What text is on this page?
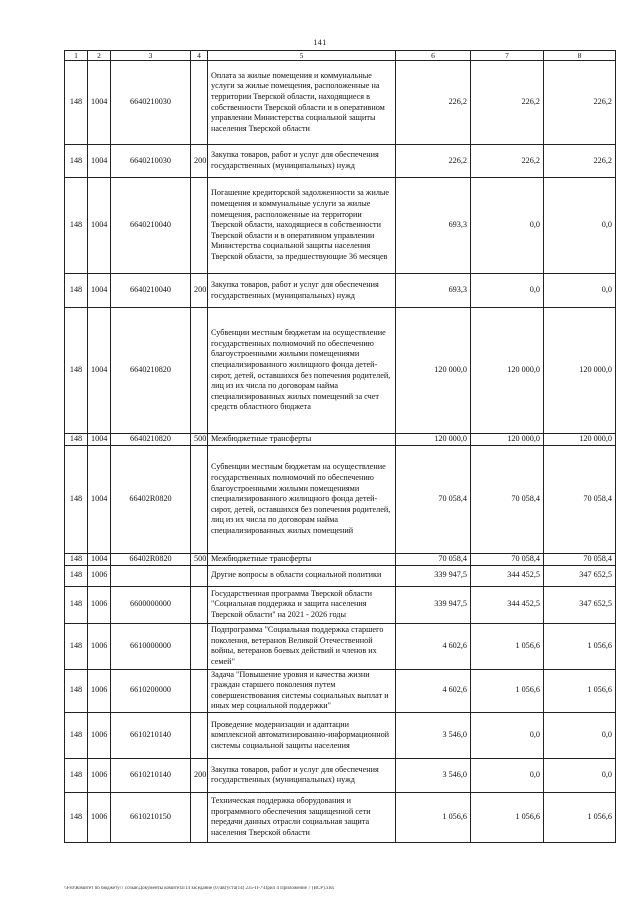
141
1	2	3	4	5	6	7	8
148	1004	6640210030		Оплата за жилые помещения и коммунальные услуги за жилые помещения, расположенные на территории Тверской области, находящиеся в собственности Тверской области и в оперативном управлении Министерства социальной защиты населения Тверской области	226,2	226,2	226,2
148	1004	6640210030	200	Закупка товаров, работ и услуг для обеспечения государственных (муниципальных) нужд	226,2	226,2	226,2
148	1004	6640210040		Погашение кредиторской задолженности за жилые помещения и коммунальные услуги за жилые помещения, расположенные на территории Тверской области, находящиеся в собственности Тверской области и в оперативном управлении Министерства социальной защиты населения Тверской области, за предшествующие 36 месяцев	693,3	0,0	0,0
148	1004	6640210040	200	Закупка товаров, работ и услуг для обеспечения государственных (муниципальных) нужд	693,3	0,0	0,0
148	1004	6640210820		Субвенции местным бюджетам на осуществление государственных полномочий по обеспечению благоустроенными жилыми помещениями специализированного жилищного фонда детей-сирот, детей, оставшихся без попечения родителей, лиц из их числа по договорам найма специализированных жилых помещений за счет средств областного бюджета	120 000,0	120 000,0	120 000,0
148	1004	6640210820	500	Межбюджетные трансферты	120 000,0	120 000,0	120 000,0
148	1004	66402R0820		Субвенции местным бюджетам на осуществление государственных полномочий по обеспечению благоустроенными жилыми помещениями специализированного жилищного фонда детей-сирот, детей, оставшихся без попечения родителей, лиц из их числа по договорам найма специализированных жилых помещений	70 058,4	70 058,4	70 058,4
148	1004	66402R0820	500	Межбюджетные трансферты	70 058,4	70 058,4	70 058,4
148	1006			Другие вопросы в области социальной политики	339 947,5	344 452,5	347 652,5
148	1006	6600000000		Государственная программа Тверской области "Социальная поддержка и защита населения Тверской области" на 2021 - 2026 годы	339 947,5	344 452,5	347 652,5
148	1006	6610000000		Подпрограмма "Социальная поддержка старшего поколения, ветеранов Великой Отечественной войны, ветеранов боевых действий и членов их семей"	4 602,6	1 056,6	1 056,6
148	1006	6610200000		Задача "Повышение уровня и качества жизни граждан старшего поколения путем совершенствования системы социальных выплат и иных мер социальной поддержки"	4 602,6	1 056,6	1 056,6
148	1006	6610210140		Проведение модернизации и адаптации комплексной автоматизированно-информационной системы социальной защиты населения	3 546,0	0,0	0,0
148	1006	6610210140	200	Закупка товаров, работ и услуг для обеспечения государственных (муниципальных) нужд	3 546,0	0,0	0,0
148	1006	6610210150		Техническая поддержка оборудования и программного обеспечения защищенной сети передачи данных отрасли социальная защита населения Тверской области	1 056,6	1 056,6	1 056,6
\\Fs0\Комитет по бюджету\7 созыв\Документы комитета\14 заседание (07августа(14) 235-П-7\Прил 4 Приложение 7 (ВСР).xlsx
